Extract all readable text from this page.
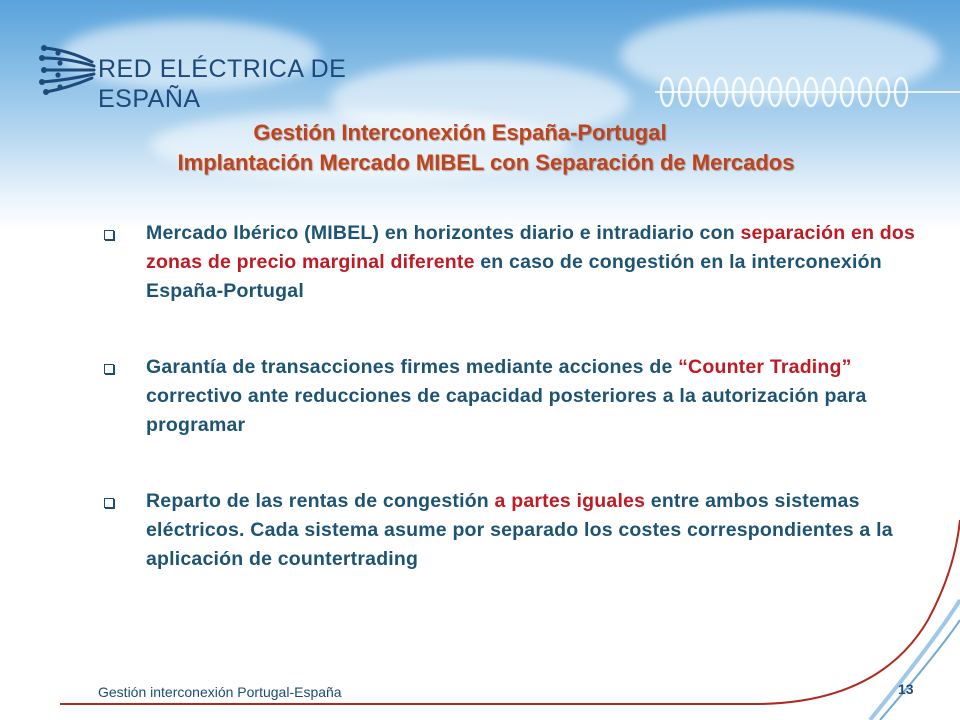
RED ELÉCTRICA DE
ESPAÑA
Gestión Interconexión España-Portugal
Implantación Mercado MIBEL con Separación de Mercados
Mercado Ibérico (MIBEL) en horizontes diario e intradiario con separación en dos zonas de precio marginal diferente en caso de congestión en la interconexión España-Portugal
Garantía de transacciones firmes mediante acciones de “Counter Trading” correctivo ante reducciones de capacidad posteriores a la autorización para programar
Reparto de las rentas de congestión a partes iguales entre ambos sistemas eléctricos. Cada sistema asume por separado los costes correspondientes a la aplicación de countertrading
Gestión interconexión Portugal-España	13
